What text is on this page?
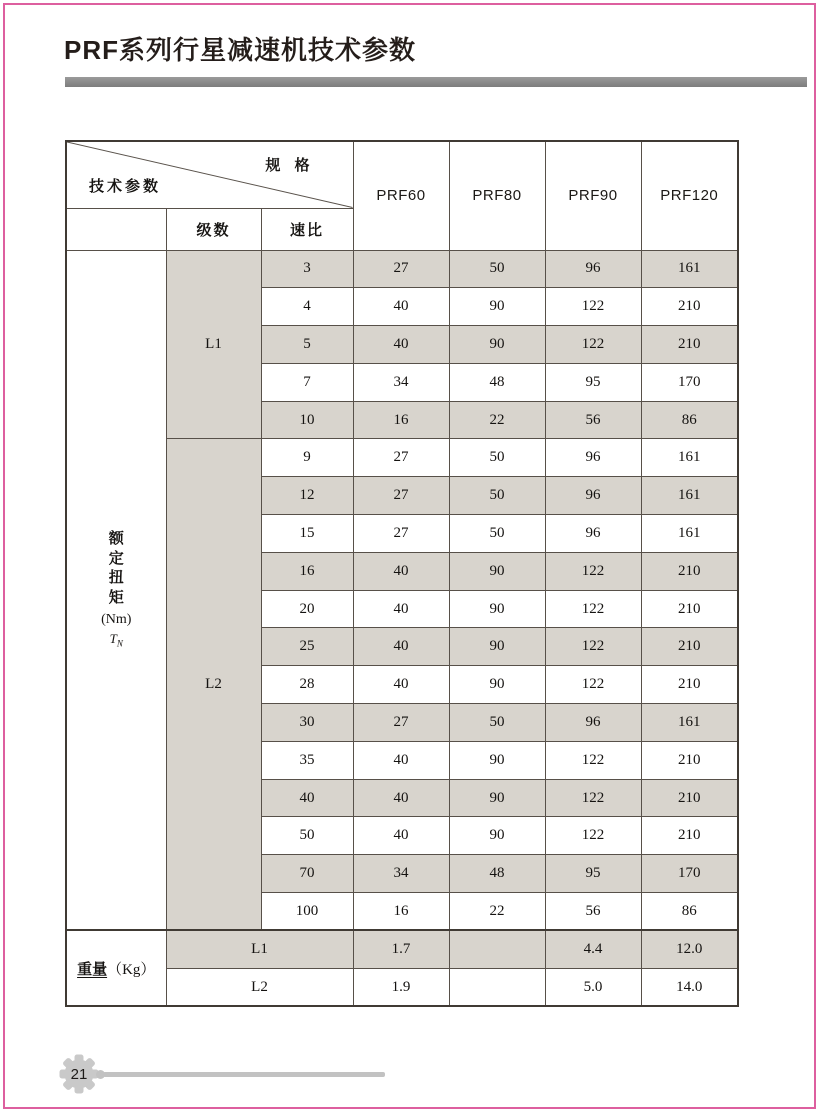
PRF系列行星减速机技术参数
规 格
技术参数			PRF60	PRF80	PRF90	PRF120
	级数	速比				

额
定
扭
矩
(Nm)
$T_N$
	L1	3	27	50	96	161
		4	40	90	122	210
		5	40	90	122	210
		7	34	48	95	170
		10	16	22	56	86
	L2	9	27	50	96	161
		12	27	50	96	161
		15	27	50	96	161
		16	40	90	122	210
		20	40	90	122	210
		25	40	90	122	210
		28	40	90	122	210
		30	27	50	96	161
		35	40	90	122	210
		40	40	90	122	210
		50	40	90	122	210
		70	34	48	95	170
		100	16	22	56	86
重量（Kg）	L1		1.7		4.4	12.0
	L2		1.9		5.0	14.0
21
